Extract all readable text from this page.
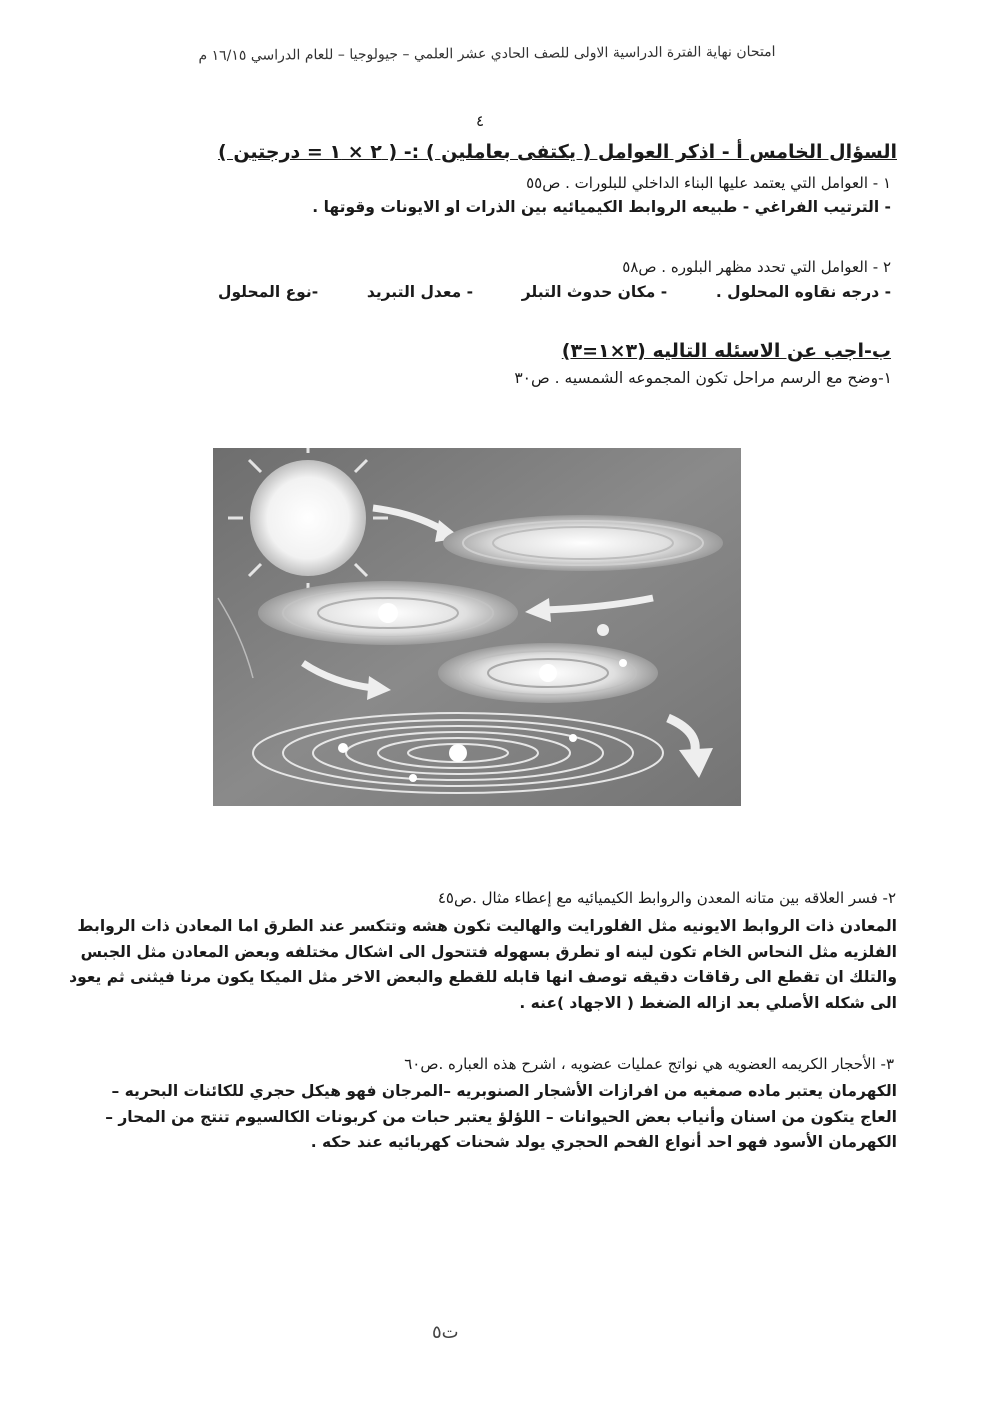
امتحان نهاية الفترة الدراسية الاولى للصف الحادي عشر العلمي – جيولوجيا – للعام الدراسي ١٦/١٥ م
٤
السؤال الخامس أ - اذكر العوامل ( يكتفى بعاملين ) :- ( ٢ × ١ = درجتين )
١ - العوامل التي يعتمد عليها البناء الداخلي للبلورات . ص٥٥
- الترتيب الفراغي - طبيعه الروابط الكيميائيه بين الذرات او الايونات وقوتها .
٢ - العوامل التي تحدد مظهر البلوره . ص٥٨
-نوع المحلول	- معدل التبريد	- مكان حدوث التبلر	- درجه نقاوه المحلول .
ب-اجب عن الاسئله التاليه (٣×١=٣)
١-وضح مع الرسم مراحل تكون المجموعه الشمسيه . ص٣٠
٢- فسر العلاقه بين متانه المعدن والروابط الكيميائيه مع إعطاء مثال .ص٤٥
المعادن ذات الروابط الايونيه مثل الفلورايت والهاليت تكون هشه وتتكسر عند الطرق اما المعادن ذات الروابط
الفلزيه مثل النحاس الخام تكون لينه او تطرق بسهوله فتتحول الى اشكال مختلفه وبعض المعادن مثل الجبس
والتلك ان تقطع الى رقاقات دقيقه توصف انها قابله للقطع والبعض الاخر مثل الميكا يكون مرنا فيثنى ثم يعود
الى شكله الأصلي بعد ازاله الضغط ( الاجهاد )عنه .
٣- الأحجار الكريمه العضويه هي نواتج عمليات عضويه ، اشرح هذه العباره .ص٦٠
الكهرمان يعتبر ماده صمغيه من افرازات الأشجار الصنوبريه –المرجان فهو هيكل حجري للكائنات البحريه –
العاج يتكون من اسنان وأنياب بعض الحيوانات – اللؤلؤ يعتبر حبات من كربونات الكالسيوم تنتج من المحار –
الكهرمان الأسود فهو احد أنواع الفحم الحجري يولد شحنات كهربائيه عند حكه .
ت٥
